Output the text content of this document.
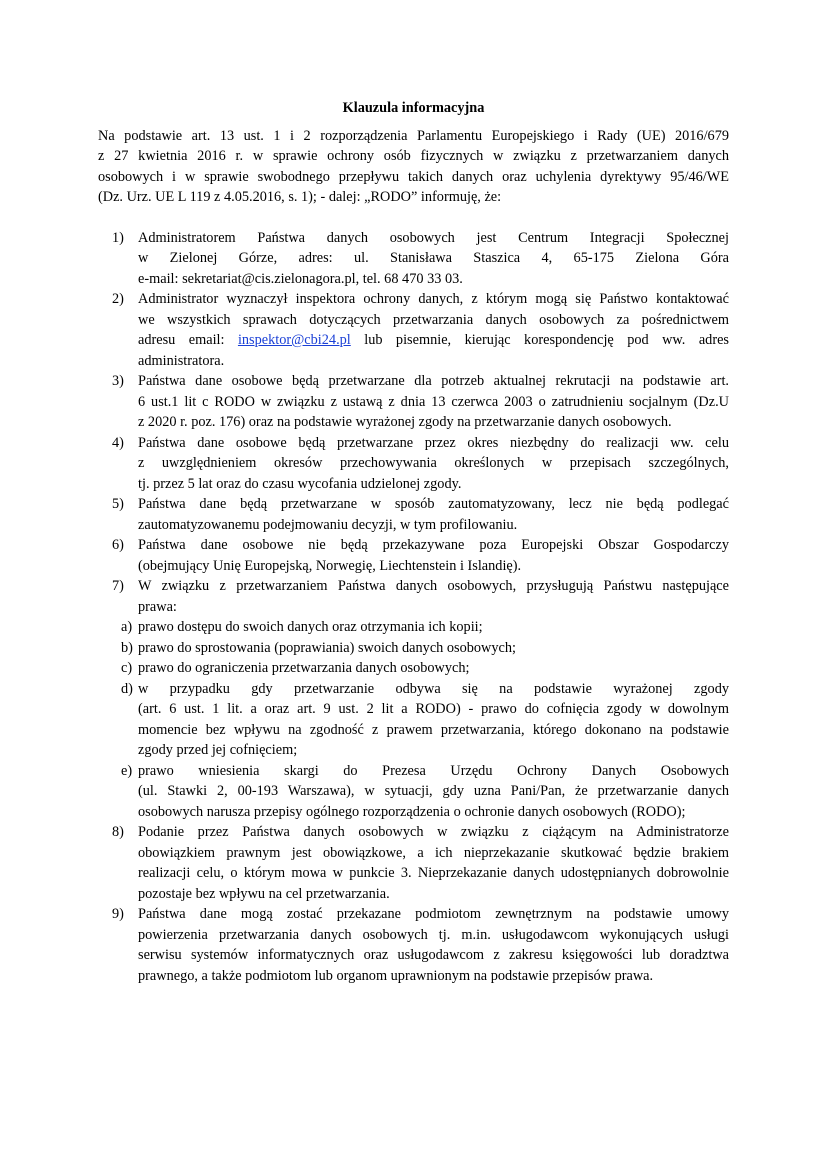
Klauzula informacyjna
Na podstawie art. 13 ust. 1 i 2 rozporządzenia Parlamentu Europejskiego i Rady (UE) 2016/679
z 27 kwietnia 2016 r. w sprawie ochrony osób fizycznych w związku z przetwarzaniem danych
osobowych i w sprawie swobodnego przepływu takich danych oraz uchylenia dyrektywy 95/46/WE
(Dz. Urz. UE L 119 z 4.05.2016, s. 1); - dalej: „RODO” informuję, że:
1) Administratorem Państwa danych osobowych jest Centrum Integracji Społecznej
w Zielonej Górze, adres: ul. Stanisława Staszica 4, 65-175 Zielona Góra
e-mail: sekretariat@cis.zielonagora.pl, tel. 68 470 33 03.
2) Administrator wyznaczył inspektora ochrony danych, z którym mogą się Państwo kontaktować
we wszystkich sprawach dotyczących przetwarzania danych osobowych za pośrednictwem
adresu email: inspektor@cbi24.pl lub pisemnie, kierując korespondencję pod ww. adres
administratora.
3) Państwa dane osobowe będą przetwarzane dla potrzeb aktualnej rekrutacji na podstawie art.
6 ust.1 lit c RODO w związku z ustawą z dnia 13 czerwca 2003 o zatrudnieniu socjalnym (Dz.U
z 2020 r. poz. 176) oraz na podstawie wyrażonej zgody na przetwarzanie danych osobowych.
4) Państwa dane osobowe będą przetwarzane przez okres niezbędny do realizacji ww. celu
z uwzględnieniem okresów przechowywania określonych w przepisach szczególnych,
tj. przez 5 lat oraz do czasu wycofania udzielonej zgody.
5) Państwa dane będą przetwarzane w sposób zautomatyzowany, lecz nie będą podlegać
zautomatyzowanemu podejmowaniu decyzji, w tym profilowaniu.
6) Państwa dane osobowe nie będą przekazywane poza Europejski Obszar Gospodarczy
(obejmujący Unię Europejską, Norwegię, Liechtenstein i Islandię).
7) W związku z przetwarzaniem Państwa danych osobowych, przysługują Państwu następujące
prawa:
a) prawo dostępu do swoich danych oraz otrzymania ich kopii;
b) prawo do sprostowania (poprawiania) swoich danych osobowych;
c) prawo do ograniczenia przetwarzania danych osobowych;
d) w przypadku gdy przetwarzanie odbywa się na podstawie wyrażonej zgody
(art. 6 ust. 1 lit. a oraz art. 9 ust. 2 lit a RODO) - prawo do cofnięcia zgody w dowolnym
momencie bez wpływu na zgodność z prawem przetwarzania, którego dokonano na podstawie
zgody przed jej cofnięciem;
e) prawo wniesienia skargi do Prezesa Urzędu Ochrony Danych Osobowych
(ul. Stawki 2, 00-193 Warszawa), w sytuacji, gdy uzna Pani/Pan, że przetwarzanie danych
osobowych narusza przepisy ogólnego rozporządzenia o ochronie danych osobowych (RODO);
8) Podanie przez Państwa danych osobowych w związku z ciążącym na Administratorze
obowiązkiem prawnym jest obowiązkowe, a ich nieprzekazanie skutkować będzie brakiem
realizacji celu, o którym mowa w punkcie 3. Nieprzekazanie danych udostępnianych dobrowolnie
pozostaje bez wpływu na cel przetwarzania.
9) Państwa dane mogą zostać przekazane podmiotom zewnętrznym na podstawie umowy
powierzenia przetwarzania danych osobowych tj. m.in. usługodawcom wykonujących usługi
serwisu systemów informatycznych oraz usługodawcom z zakresu księgowości lub doradztwa
prawnego, a także podmiotom lub organom uprawnionym na podstawie przepisów prawa.
